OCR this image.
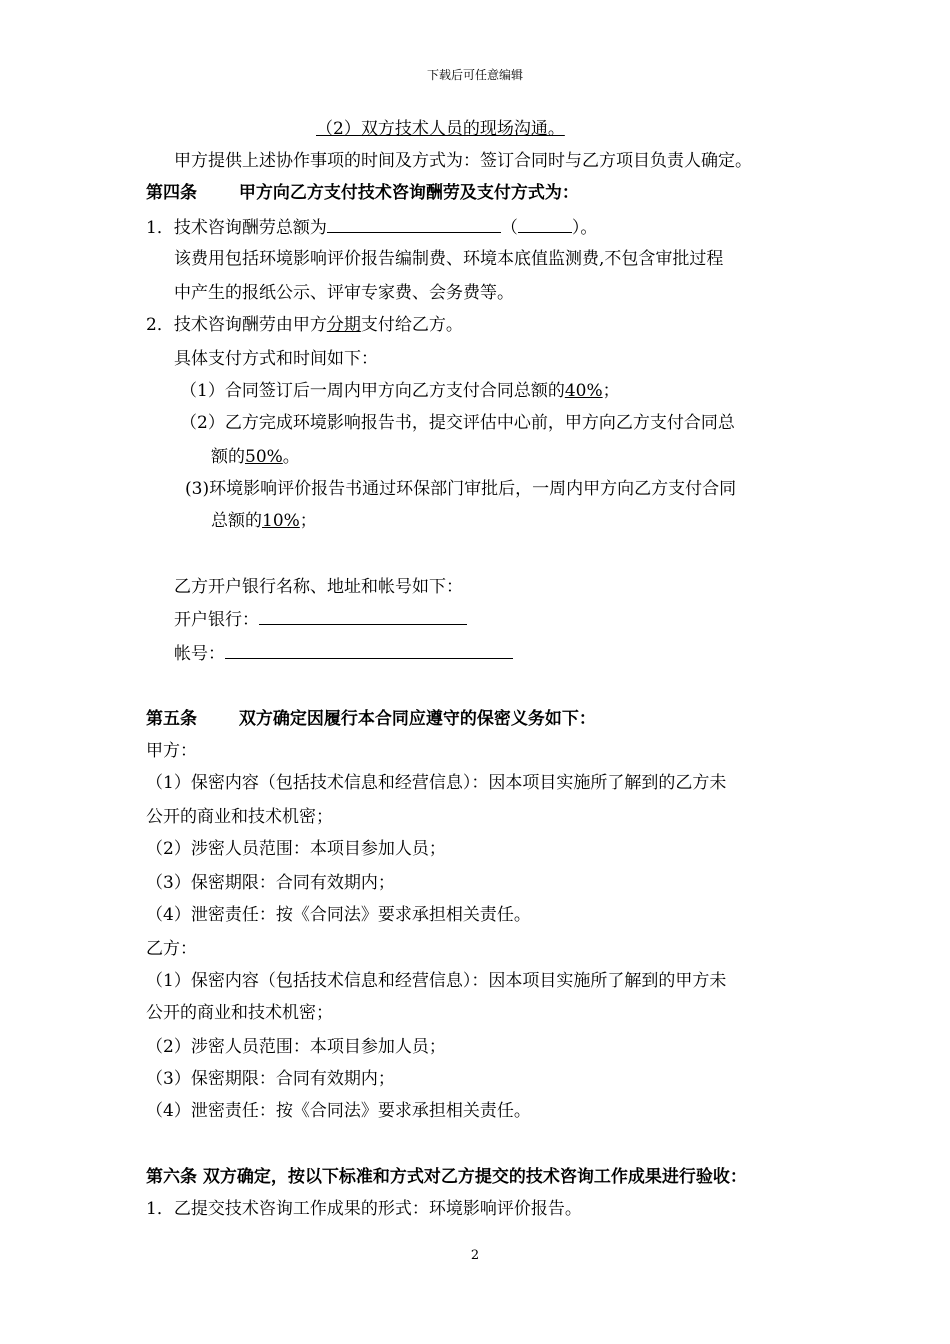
下载后可任意编辑
（2）双方技术人员的现场沟通。
甲方提供上述协作事项的时间及方式为：签订合同时与乙方项目负责人确定。
第四条 甲方向乙方支付技术咨询酬劳及支付方式为：
1．技术咨询酬劳总额为	（	）。
该费用包括环境影响评价报告编制费、环境本底值监测费,不包含审批过程
中产生的报纸公示、评审专家费、会务费等。
2．技术咨询酬劳由甲方分期支付给乙方。
具体支付方式和时间如下：
（1）合同签订后一周内甲方向乙方支付合同总额的40%；
（2）乙方完成环境影响报告书，提交评估中心前，甲方向乙方支付合同总
额的50%。
(3)环境影响评价报告书通过环保部门审批后，一周内甲方向乙方支付合同
总额的10%；
乙方开户银行名称、地址和帐号如下：
开户银行：
帐号：
第五条 双方确定因履行本合同应遵守的保密义务如下：
甲方：
（1）保密内容（包括技术信息和经营信息）：因本项目实施所了解到的乙方未
公开的商业和技术机密；
（2）涉密人员范围：本项目参加人员；
（3）保密期限：合同有效期内；
（4）泄密责任：按《合同法》要求承担相关责任。
乙方：
（1）保密内容（包括技术信息和经营信息）：因本项目实施所了解到的甲方未
公开的商业和技术机密；
（2）涉密人员范围：本项目参加人员；
（3）保密期限：合同有效期内；
（4）泄密责任：按《合同法》要求承担相关责任。
第六条 双方确定，按以下标准和方式对乙方提交的技术咨询工作成果进行验收：
1．乙提交技术咨询工作成果的形式：环境影响评价报告。
2
